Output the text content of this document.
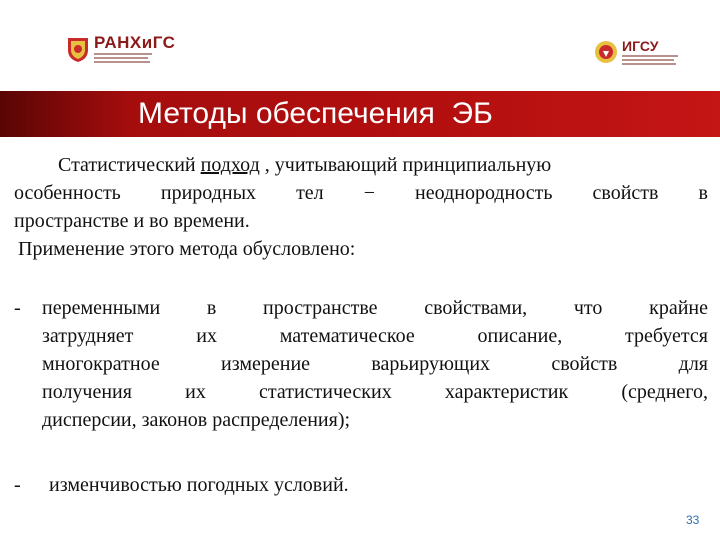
РАНХиГС	ИГСУ
Методы обеспечения  ЭБ
Статистический подход , учитывающий принципиальную
особенность природных тел − неоднородность свойств в
пространстве и во времени.
Применение этого метода обусловлено:
- переменными в пространстве свойствами, что крайне
затрудняет их математическое описание, требуется
многократное измерение варьирующих свойств для
получения их статистических характеристик (среднего,
дисперсии, законов распределения);
- изменчивостью погодных условий.
33
